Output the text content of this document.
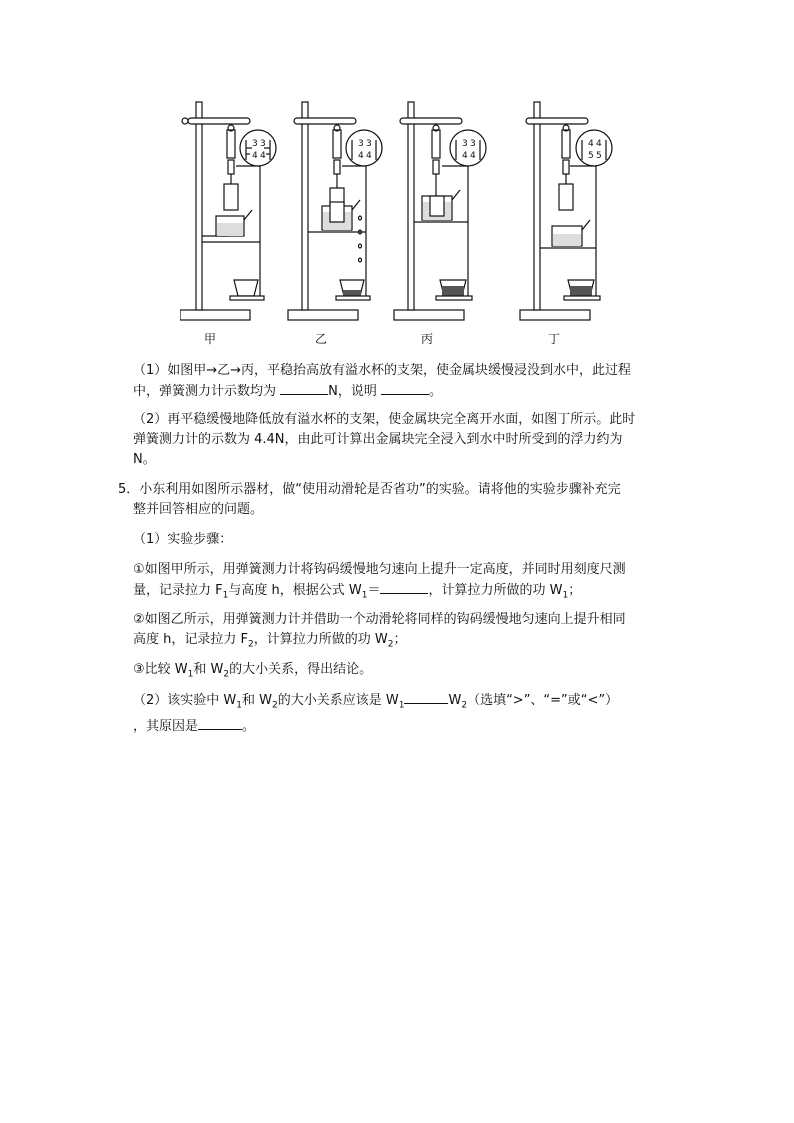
3
4
3
4
3
4
3
4
3
4
3
4
4
5
4
5
甲	乙	丙	丁
（1）如图甲→乙→丙，平稳抬高放有溢水杯的支架，使金属块缓慢浸没到水中，此过程
中，弹簧测力计示数均为	N，说明	。
（2）再平稳缓慢地降低放有溢水杯的支架，使金属块完全离开水面，如图丁所示。此时
弹簧测力计的示数为 4.4N，由此可计算出金属块完全浸入到水中时所受到的浮力约为
N。
5．小东利用如图所示器材，做“使用动滑轮是否省功”的实验。请将他的实验步骤补充完
整并回答相应的问题。
（1）实验步骤：
①如图甲所示，用弹簧测力计将钩码缓慢地匀速向上提升一定高度，并同时用刻度尺测
量，记录拉力 $F_1$与高度 h，根据公式 $W_1=$	，计算拉力所做的功 $W_1$；
②如图乙所示，用弹簧测力计并借助一个动滑轮将同样的钩码缓慢地匀速向上提升相同
高度 h，记录拉力 $F_2$，计算拉力所做的功 $W_2$；
③比较 $W_1$和 $W_2$的大小关系，得出结论。
（2）该实验中 $W_1$和 $W_2$的大小关系应该是 $W_1$	$W_2$（选填“>”、“=”或“<”）
，其原因是	。
